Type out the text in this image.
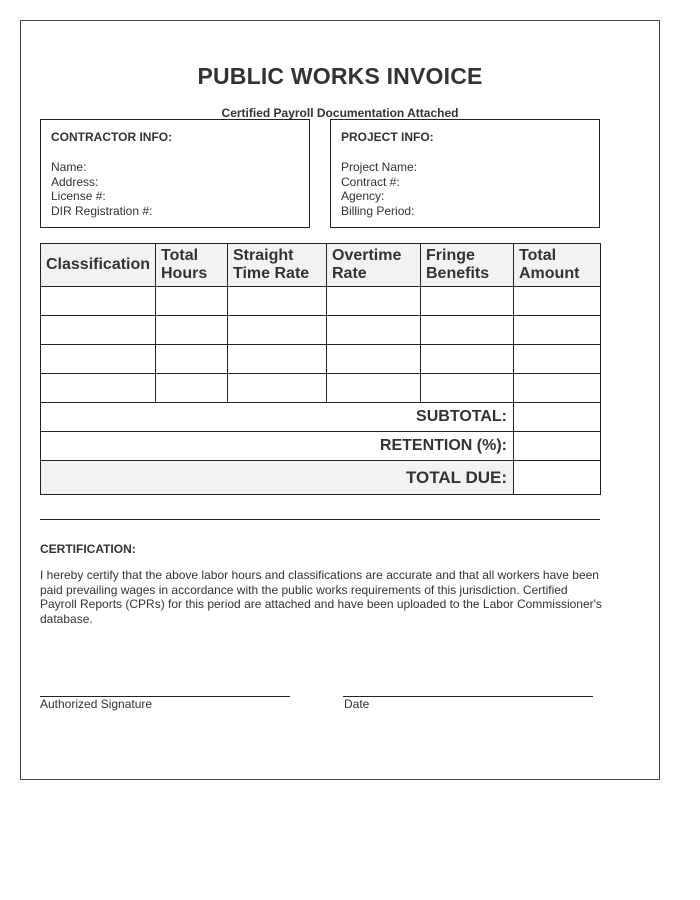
PUBLIC WORKS INVOICE
Certified Payroll Documentation Attached
CONTRACTOR INFO:
Name:
Address:
License #:
DIR Registration #:
PROJECT INFO:
Project Name:
Contract #:
Agency:
Billing Period:
Classification	Total Hours	Straight Time Rate	Overtime Rate	Fringe Benefits	Total Amount

SUBTOTAL:					
RETENTION (%):					
TOTAL DUE:					
CERTIFICATION:
I hereby certify that the above labor hours and classifications are accurate and that all workers have been paid prevailing wages in accordance with the public works requirements of this jurisdiction. Certified Payroll Reports (CPRs) for this period are attached and have been uploaded to the Labor Commissioner's database.
Authorized Signature	Date
